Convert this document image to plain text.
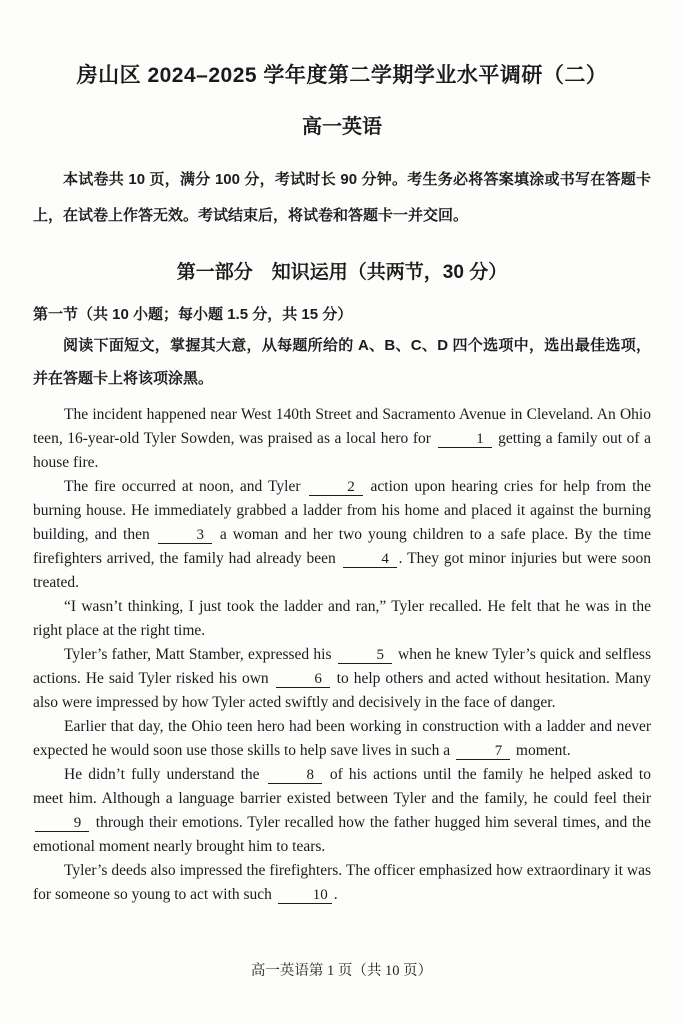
房山区 2024–2025 学年度第二学期学业水平调研（二）
高一英语

本试卷共 10 页，满分 100 分，考试时长 90 分钟。考生务必将答案填涂或书写在答题卡上，在试卷上作答无效。考试结束后，将试卷和答题卡一并交回。

第一部分　知识运用（共两节，30 分）

第一节（共 10 小题；每小题 1.5 分，共 15 分）

阅读下面短文，掌握其大意，从每题所给的 A、B、C、D 四个选项中，选出最佳选项，并在答题卡上将该项涂黑。

The incident happened near West 140th Street and Sacramento Avenue in Cleveland. An Ohio teen, 16-year-old Tyler Sowden, was praised as a local hero for	1 getting a family out of a house fire.

The fire occurred at noon, and Tyler	2 action upon hearing cries for help from the burning house. He immediately grabbed a ladder from his home and placed it against the burning building, and then	3 a woman and her two young children to a safe place. By the time firefighters arrived, the family had already been	4 . They got minor injuries but were soon treated.

“I wasn’t thinking, I just took the ladder and ran,” Tyler recalled. He felt that he was in the right place at the right time.

Tyler’s father, Matt Stamber, expressed his	5 when he knew Tyler’s quick and selfless actions. He said Tyler risked his own	6 to help others and acted without hesitation. Many also were impressed by how Tyler acted swiftly and decisively in the face of danger.

Earlier that day, the Ohio teen hero had been working in construction with a ladder and never expected he would soon use those skills to help save lives in such a	7 moment.

He didn’t fully understand the	8 of his actions until the family he helped asked to meet him. Although a language barrier existed between Tyler and the family, he could feel their 9 through their emotions. Tyler recalled how the father hugged him several times, and the emotional moment nearly brought him to tears.

Tyler’s deeds also impressed the firefighters. The officer emphasized how extraordinary it was for someone so young to act with such 10 .

高一英语第 1 页（共 10 页）
